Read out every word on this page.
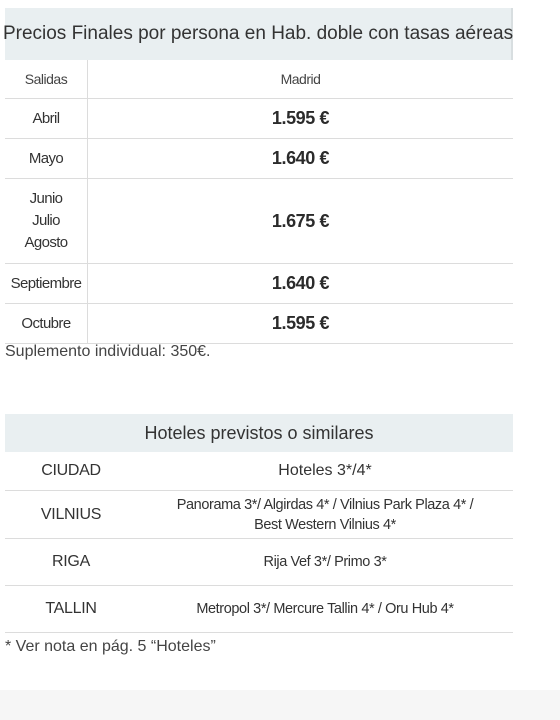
Precios Finales por persona en Hab. doble con tasas aéreas
Salidas	Madrid
Abril	1.595 €
Mayo	1.640 €

Junio
Julio
Agosto	1.675 €
Septiembre	1.640 €
Octubre	1.595 €
Suplemento individual: 350€.
Hoteles previstos o similares
CIUDAD	Hoteles 3*/4*
VILNIUS	Panorama 3*/ Algirdas 4* / Vilnius Park Plaza 4* /
Best Western Vilnius 4*

RIGA	Rija Vef 3*/ Primo 3*

TALLIN	Metropol 3*/ Mercure Tallin 4* / Oru Hub 4*
* Ver nota en pág. 5 “Hoteles”
